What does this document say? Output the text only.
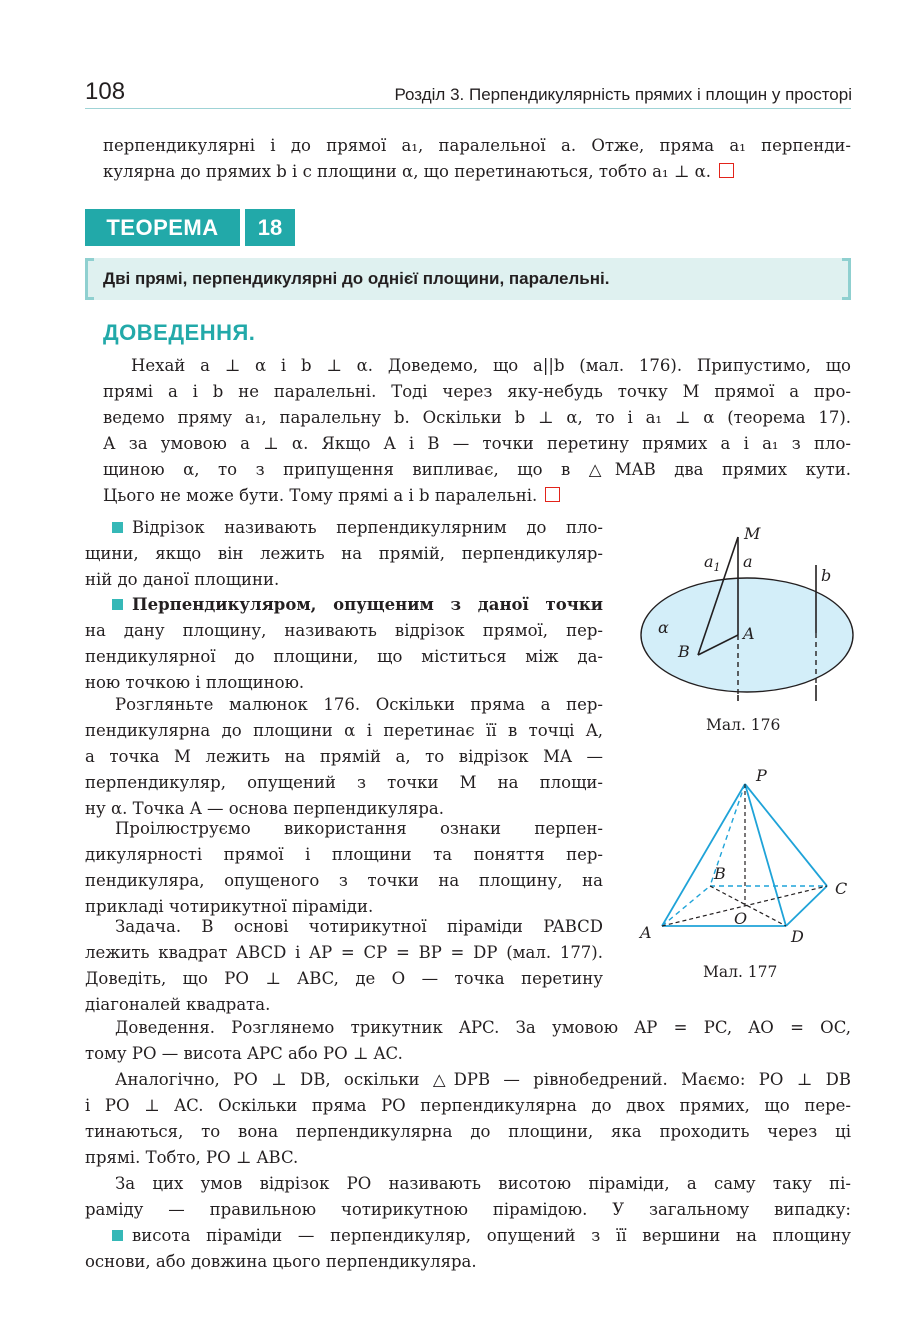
108	Розділ 3. Перпендикулярність прямих і площин у просторі
перпендикулярні і до прямої a₁, паралельної a. Отже, пряма a₁ перпенди-
кулярна до прямих b і c площини α, що перетинаються, тобто a₁ ⊥ α.
ТЕОРЕМА	18
Дві прямі, перпендикулярні до однієї площини, паралельні.
ДОВЕДЕННЯ.
Нехай a ⊥ α і b ⊥ α. Доведемо, що a||b (мал. 176). Припустимо, що
прямі a і b не паралельні. Тоді через яку-небудь точку M прямої a про-
ведемо пряму a₁, паралельну b. Оскільки b ⊥ α, то і a₁ ⊥ α (теорема 17).
А за умовою a ⊥ α. Якщо A і B — точки перетину прямих a і a₁ з пло-
щиною α, то з припущення випливає, що в △MAB два прямих кути.
Цього не може бути. Тому прямі a і b паралельні.
Відрізок називають перпендикулярним до пло-
щини, якщо він лежить на прямій, перпендикуляр-
ній до даної площини.
Перпендикуляром, опущеним з даної точки
на дану площину, називають відрізок прямої, пер-
пендикулярної до площини, що міститься між да-
ною точкою і площиною.
Розгляньте малюнок 176. Оскільки пряма a пер-
пендикулярна до площини α і перетинає її в точці A,
а точка M лежить на прямій a, то відрізок MA —
перпендикуляр, опущений з точки M на площи-
ну α. Точка A — основа перпендикуляра.
Проілюструємо використання ознаки перпен-
дикулярності прямої і площини та поняття пер-
пендикуляра, опущеного з точки на площину, на
прикладі чотирикутної піраміди.
Задача. В основі чотирикутної піраміди PABCD
лежить квадрат ABCD і AP = CP = BP = DP (мал. 177).
Доведіть, що PO ⊥ ABC, де O — точка перетину
діагоналей квадрата.
Доведення. Розглянемо трикутник APC. За умовою AP = PC, AO = OC,
тому PO — висота APC або PO ⊥ AC.
Аналогічно, PO ⊥ DB, оскільки △DPB — рівнобедрений. Маємо: PO ⊥ DB
і PO ⊥ AC. Оскільки пряма PO перпендикулярна до двох прямих, що пере-
тинаються, то вона перпендикулярна до площини, яка проходить через ці
прямі. Тобто, PO ⊥ ABC.
За цих умов відрізок PO називають висотою піраміди, а саму таку пі-
раміду — правильною чотирикутною пірамідою. У загальному випадку:
висота піраміди — перпендикуляр, опущений з її вершини на площину
основи, або довжина цього перпендикуляра.
M
$a_1$ a
b
α	A
B
Мал. 176
P
A
B
C
D
O
Мал. 177
